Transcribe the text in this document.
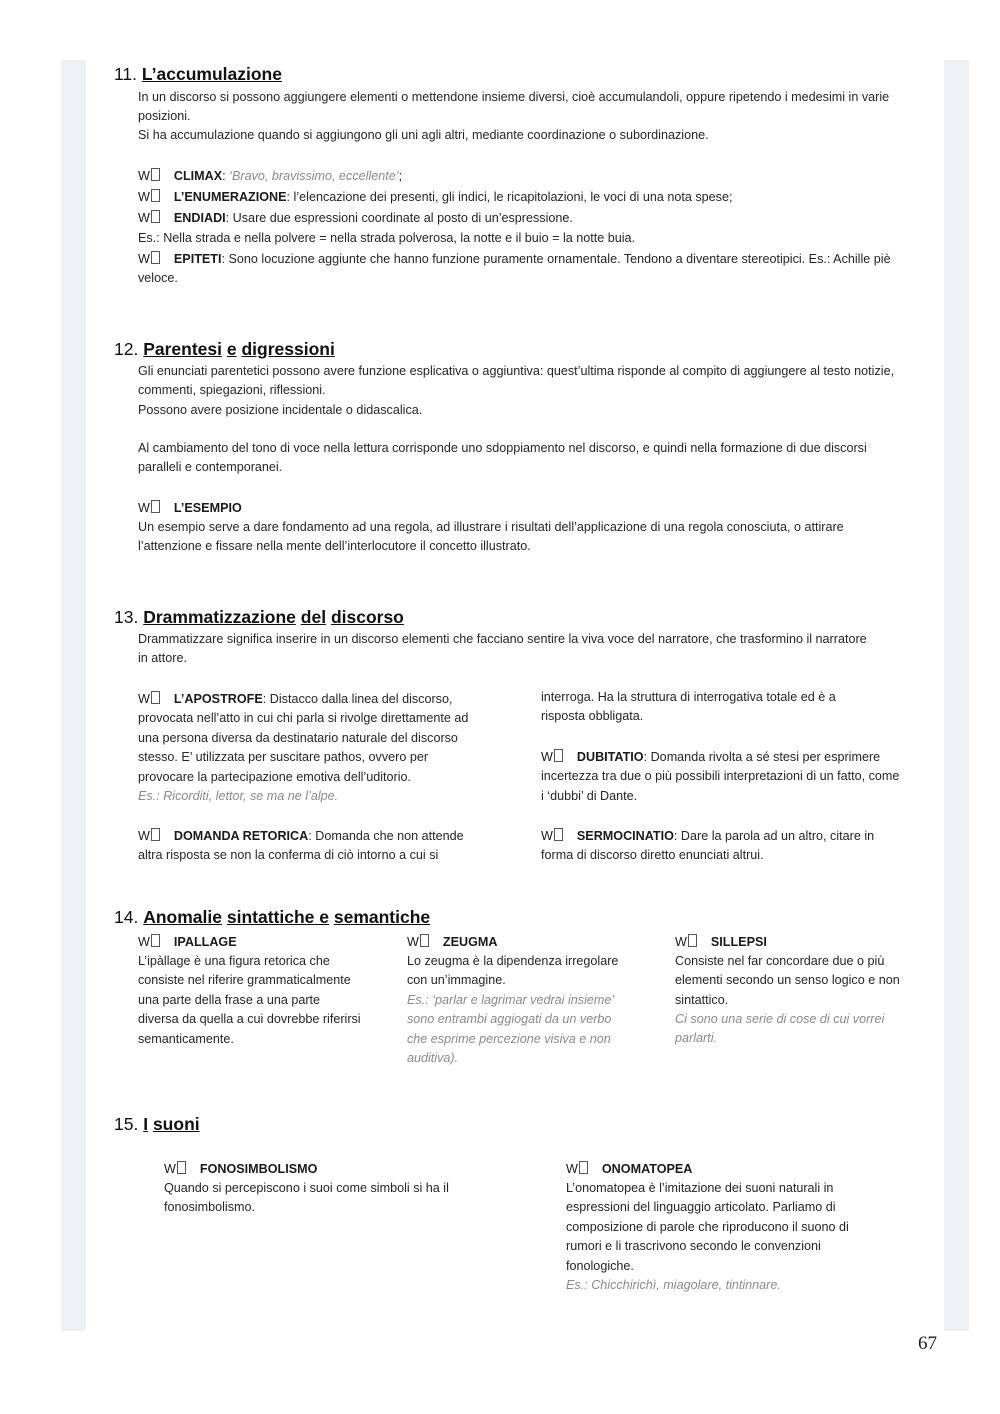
11. L’accumulazione
In un discorso si possono aggiungere elementi o mettendone insieme diversi, cioè accumulandoli, oppure ripetendo i medesimi in varie posizioni.
Si ha accumulazione quando si aggiungono gli uni agli altri, mediante coordinazione o subordinazione.
W CLIMAX: ‘Bravo, bravissimo, eccellente’;
W L’ENUMERAZIONE: l’elencazione dei presenti, gli indici, le ricapitolazioni, le voci di una nota spese;
W ENDIADI: Usare due espressioni coordinate al posto di un’espressione.
Es.: Nella strada e nella polvere = nella strada polverosa, la notte e il buio = la notte buia.
W EPITETI: Sono locuzione aggiunte che hanno funzione puramente ornamentale. Tendono a diventare stereotipici. Es.: Achille piè veloce.
12. Parentesi e digressioni
Gli enunciati parentetici possono avere funzione esplicativa o aggiuntiva: quest’ultima risponde al compito di aggiungere al testo notizie, commenti, spiegazioni, riflessioni.
Possono avere posizione incidentale o didascalica.
Al cambiamento del tono di voce nella lettura corrisponde uno sdoppiamento nel discorso, e quindi nella formazione di due discorsi paralleli e contemporanei.
W L’ESEMPIO
Un esempio serve a dare fondamento ad una regola, ad illustrare i risultati dell’applicazione di una regola conosciuta, o attirare l’attenzione e fissare nella mente dell’interlocutore il concetto illustrato.
13. Drammatizzazione del discorso
Drammatizzare significa inserire in un discorso elementi che facciano sentire la viva voce del narratore, che trasformino il narratore in attore.
W L’APOSTROFE: Distacco dalla linea del discorso, provocata nell’atto in cui chi parla si rivolge direttamente ad una persona diversa da destinatario naturale del discorso stesso. E’ utilizzata per suscitare pathos, ovvero per provocare la partecipazione emotiva dell’uditorio.
Es.: Ricorditi, lettor, se ma ne l’alpe.
W DOMANDA RETORICA: Domanda che non attende altra risposta se non la conferma di ciò intorno a cui si
interroga. Ha la struttura di interrogativa totale ed è a risposta obbligata.
W DUBITATIO: Domanda rivolta a sé stesi per esprimere incertezza tra due o più possibili interpretazioni di un fatto, come i ‘dubbi’ di Dante.
W SERMOCINATIO: Dare la parola ad un altro, citare in forma di discorso diretto enunciati altrui.
14. Anomalie sintattiche e semantiche
W IPALLAGE
L’ipàllage è una figura retorica che consiste nel riferire grammaticalmente una parte della frase a una parte diversa da quella a cui dovrebbe riferirsi semanticamente.
W ZEUGMA
Lo zeugma è la dipendenza irregolare con un’immagine.
Es.: ‘parlar e lagrimar vedrai insieme’ sono entrambi aggiogati da un verbo che esprime percezione visiva e non auditiva).
W SILLEPSI
Consiste nel far concordare due o più elementi secondo un senso logico e non sintattico.
Ci sono una serie di cose di cui vorrei parlarti.
15. I suoni
W FONOSIMBOLISMO
Quando si percepiscono i suoi come simboli si ha il fonosimbolismo.
W ONOMATOPEA
L’onomatopea è l’imitazione dei suoni naturali in espressioni del linguaggio articolato. Parliamo di composizione di parole che riproducono il suono di rumori e li trascrivono secondo le convenzioni fonologiche.
Es.: Chicchirichì, miagolare, tintinnare.
67
